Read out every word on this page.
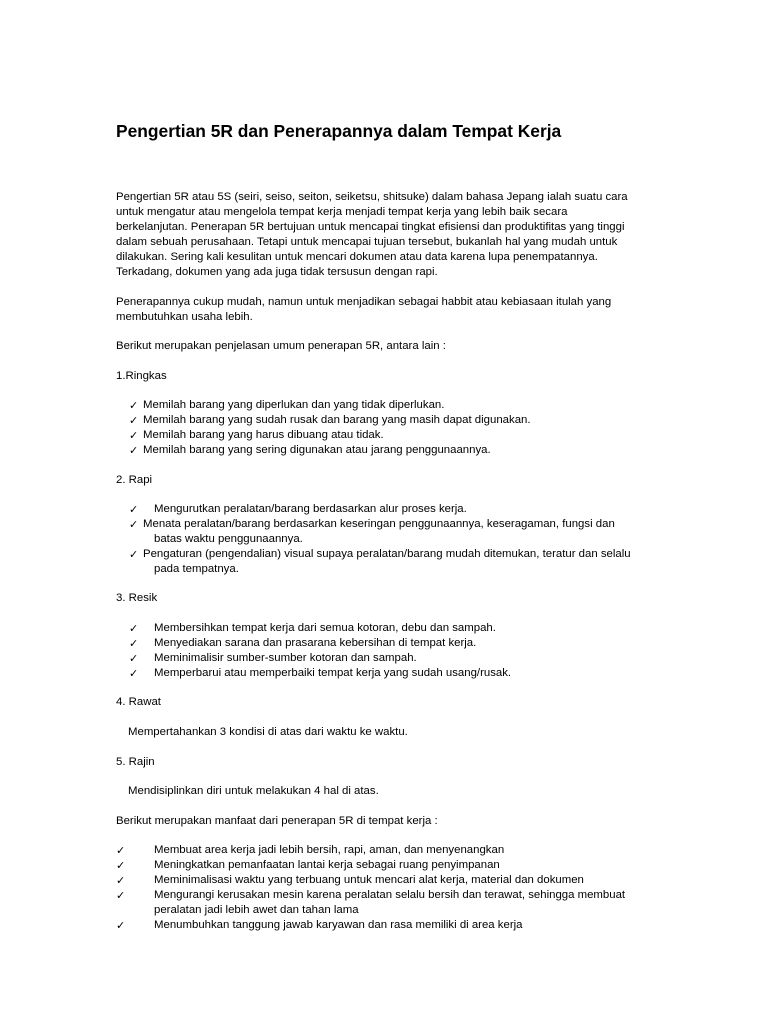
Pengertian 5R dan Penerapannya dalam Tempat Kerja

Pengertian 5R atau 5S (seiri, seiso, seiton, seiketsu, shitsuke) dalam bahasa Jepang ialah suatu cara

untuk mengatur atau mengelola tempat kerja menjadi tempat kerja yang lebih baik secara

berkelanjutan. Penerapan 5R bertujuan untuk mencapai tingkat efisiensi dan produktifitas yang tinggi

dalam sebuah perusahaan. Tetapi untuk mencapai tujuan tersebut, bukanlah hal yang mudah untuk

dilakukan. Sering kali kesulitan untuk mencari dokumen atau data karena lupa penempatannya.

Terkadang, dokumen yang ada juga tidak tersusun dengan rapi.

Penerapannya cukup mudah, namun untuk menjadikan sebagai habbit atau kebiasaan itulah yang

membutuhkan usaha lebih.

Berikut merupakan penjelasan umum penerapan 5R, antara lain :

1.Ringkas

✓ Memilah barang yang diperlukan dan yang tidak diperlukan.

✓ Memilah barang yang sudah rusak dan barang yang masih dapat digunakan.

✓ Memilah barang yang harus dibuang atau tidak.

✓ Memilah barang yang sering digunakan atau jarang penggunaannya.

2. Rapi

✓ Mengurutkan peralatan/barang berdasarkan alur proses kerja.

✓ Menata peralatan/barang berdasarkan keseringan penggunaannya, keseragaman, fungsi dan

batas waktu penggunaannya.

✓ Pengaturan (pengendalian) visual supaya peralatan/barang mudah ditemukan, teratur dan selalu

pada tempatnya.

3. Resik

✓ Membersihkan tempat kerja dari semua kotoran, debu dan sampah.

✓ Menyediakan sarana dan prasarana kebersihan di tempat kerja.

✓ Meminimalisir sumber-sumber kotoran dan sampah.

✓ Memperbarui atau memperbaiki tempat kerja yang sudah usang/rusak.

4. Rawat

Mempertahankan 3 kondisi di atas dari waktu ke waktu.

5. Rajin

Mendisiplinkan diri untuk melakukan 4 hal di atas.

Berikut merupakan manfaat dari penerapan 5R di tempat kerja :

✓	Membuat area kerja jadi lebih bersih, rapi, aman, dan menyenangkan

✓	Meningkatkan pemanfaatan lantai kerja sebagai ruang penyimpanan

✓	Meminimalisasi waktu yang terbuang untuk mencari alat kerja, material dan dokumen

✓	Mengurangi kerusakan mesin karena peralatan selalu bersih dan terawat, sehingga membuat

peralatan jadi lebih awet dan tahan lama

✓	Menumbuhkan tanggung jawab karyawan dan rasa memiliki di area kerja
